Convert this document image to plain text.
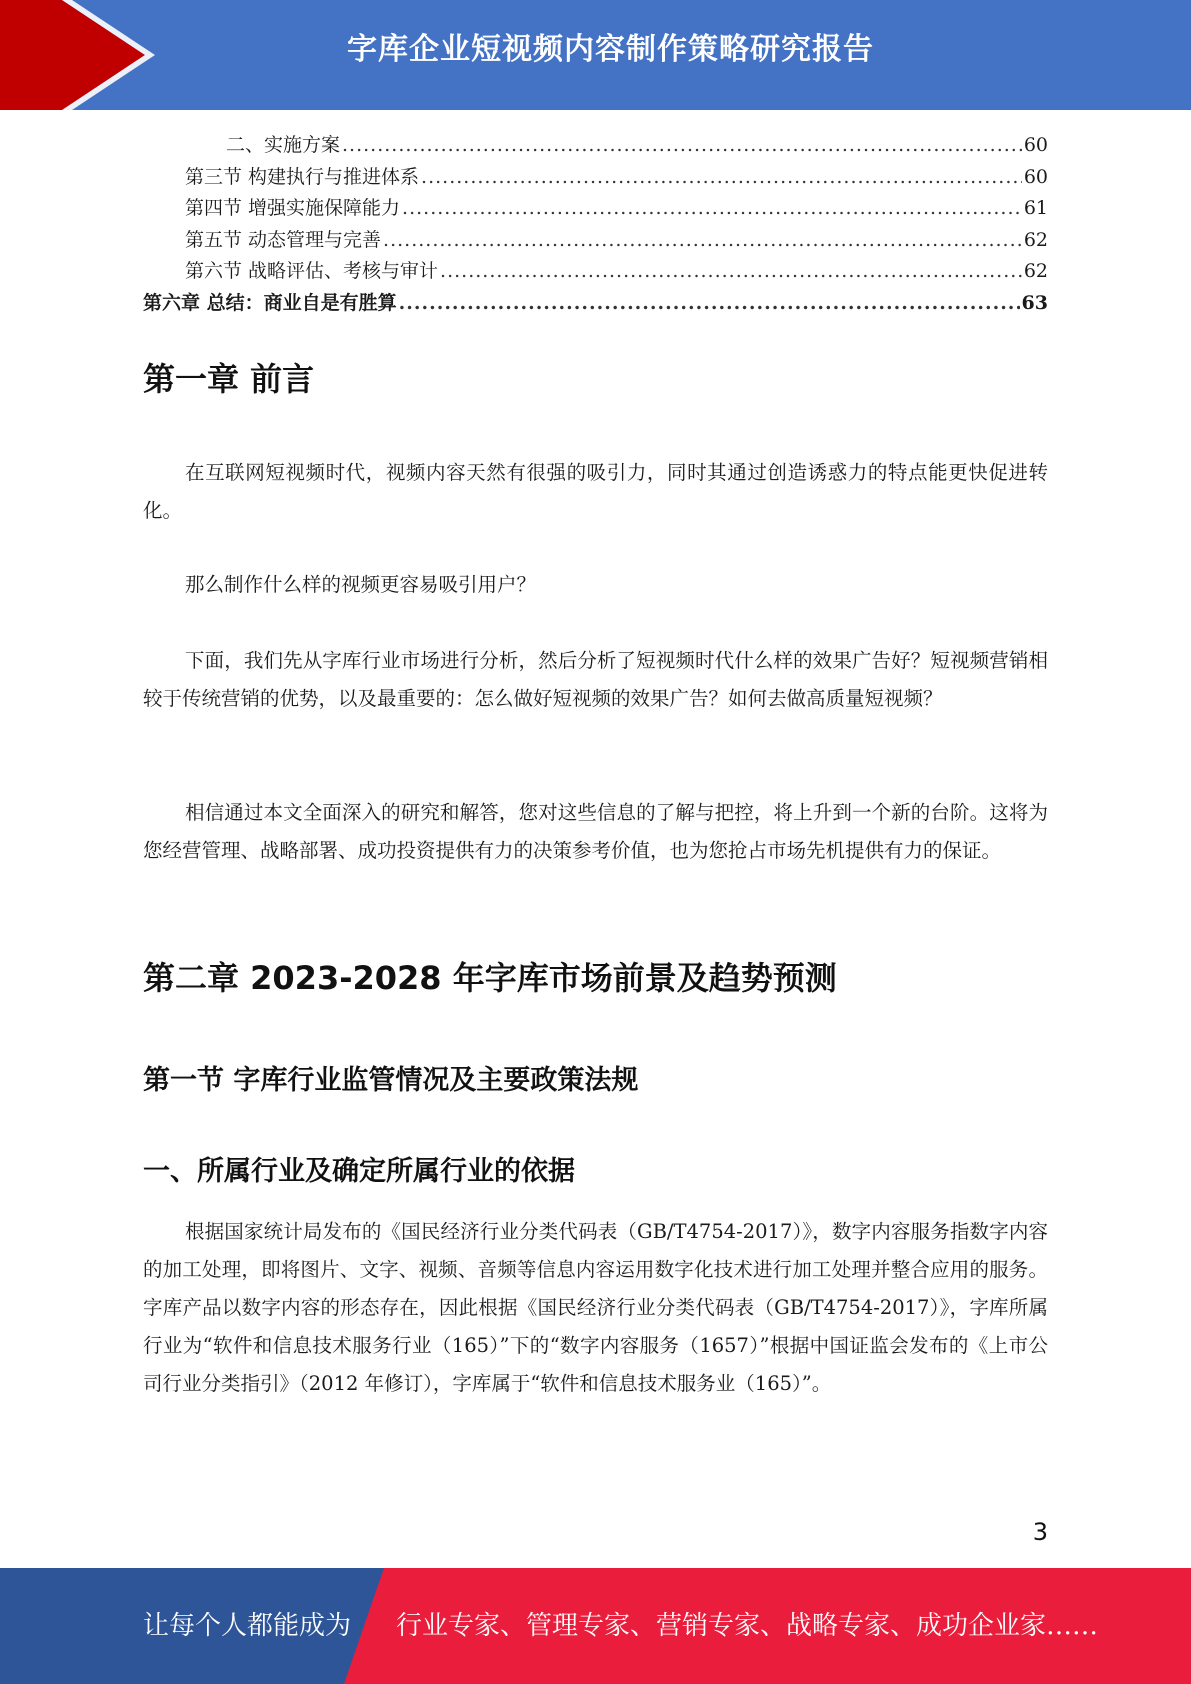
字库企业短视频内容制作策略研究报告
二、实施方案 .....	60
第三节 构建执行与推进体系 .....	60
第四节 增强实施保障能力 .....	61
第五节 动态管理与完善 .....	62
第六节 战略评估、考核与审计 .....	62
第六章 总结：商业自是有胜算 .....	63
第一章 前言

在互联网短视频时代，视频内容天然有很强的吸引力，同时其通过创造诱惑力的特点能更快促进转化。

那么制作什么样的视频更容易吸引用户？

下面，我们先从字库行业市场进行分析，然后分析了短视频时代什么样的效果广告好？短视频营销相较于传统营销的优势，以及最重要的：怎么做好短视频的效果广告？如何去做高质量短视频？

相信通过本文全面深入的研究和解答，您对这些信息的了解与把控，将上升到一个新的台阶。这将为您经营管理、战略部署、成功投资提供有力的决策参考价值，也为您抢占市场先机提供有力的保证。

第二章 2023-2028 年字库市场前景及趋势预测
第一节 字库行业监管情况及主要政策法规
一、所属行业及确定所属行业的依据

根据国家统计局发布的《国民经济行业分类代码表（GB/T4754-2017）》，数字内容服务指数字内容的加工处理，即将图片、文字、视频、音频等信息内容运用数字化技术进行加工处理并整合应用的服务。字库产品以数字内容的形态存在，因此根据《国民经济行业分类代码表（GB/T4754-2017）》，字库所属行业为“软件和信息技术服务行业（165）”下的“数字内容服务（1657）”根据中国证监会发布的《上市公司行业分类指引》（2012 年修订），字库属于“软件和信息技术服务业（165）”。

3
让每个人都能成为 行业专家、管理专家、营销专家、战略专家、成功企业家……
